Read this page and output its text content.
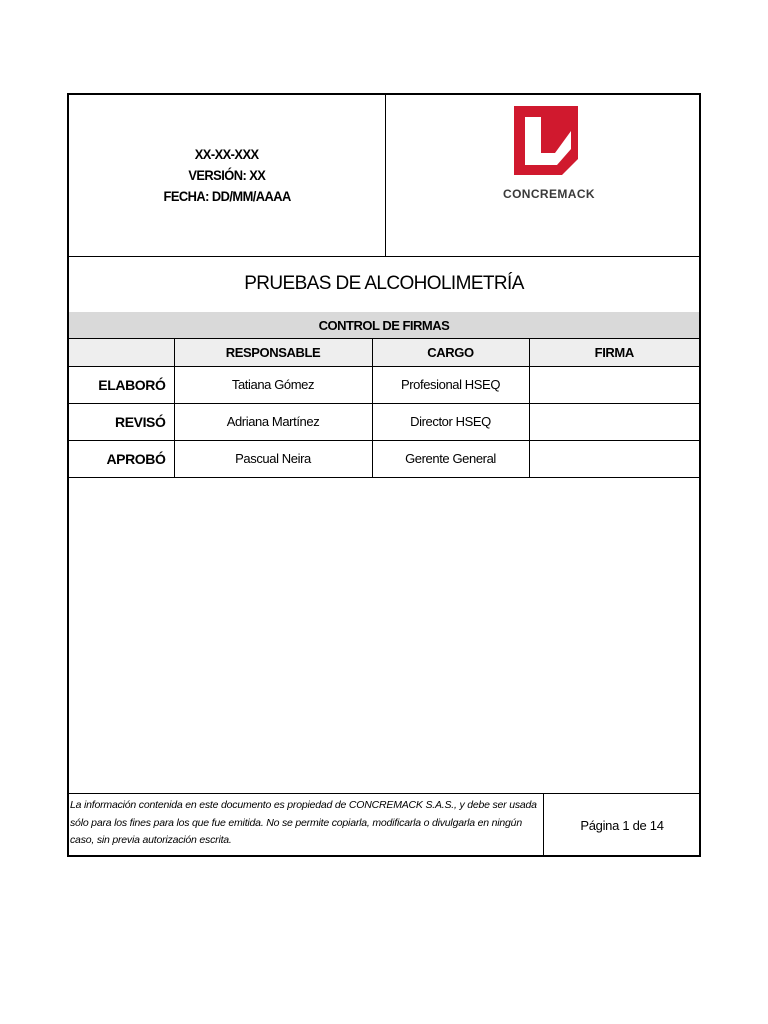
XX-XX-XXX
VERSIÓN: XX
FECHA: DD/MM/AAAA	CONCREMACK
PRUEBAS DE ALCOHOLIMETRÍA
CONTROL DE FIRMAS
	RESPONSABLE	CARGO	FIRMA
ELABORÓ	Tatiana Gómez	Profesional HSEQ	
REVISÓ	Adriana Martínez	Director HSEQ	
APROBÓ	Pascual Neira	Gerente General	
La información contenida en este documento es propiedad de CONCREMACK S.A.S., y debe ser usada sólo para los fines para los que fue emitida. No se permite copiarla, modificarla o divulgarla en ningún caso, sin previa autorización escrita.
Página 1 de 14
